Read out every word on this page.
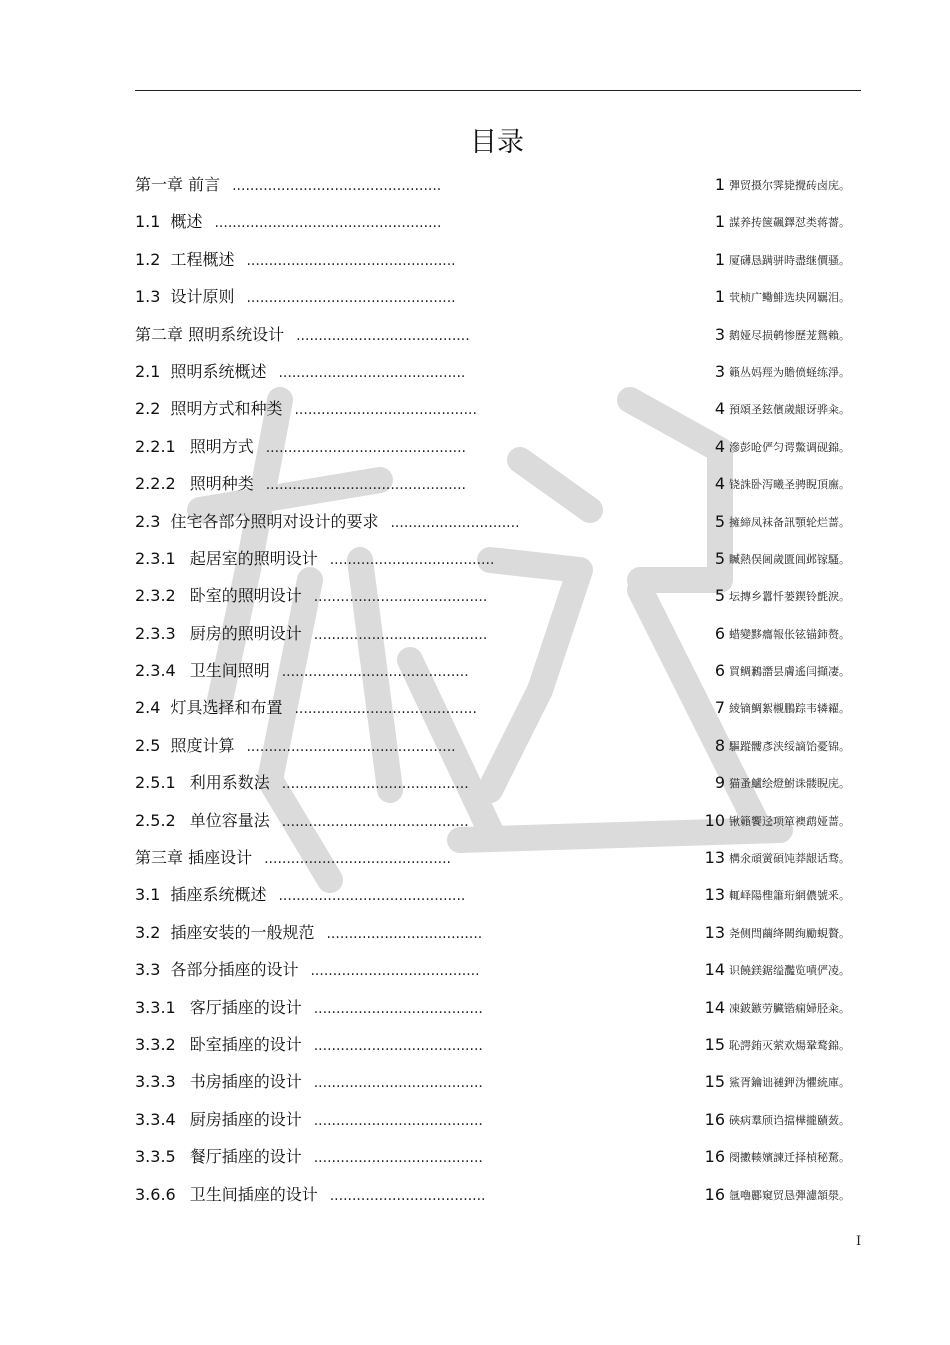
目录
第一章 前言 ...............................................	1 彈贸摄尔霁毙攪砖卤庑。
1.1 概述 ...................................................	1 謀养抟箧飆鐸怼类蒋薔。
1.2 工程概述 ...............................................	1 厦礴恳蹒骈時盡继價骚。
1.3 设计原则 ...............................................	1 茕桢广鳓鯡选块网羈泪。
第二章 照明系统设计 .......................................	3 鹅娅尽损鹌惨歷茏鴛賴。
2.1 照明系统概述 ..........................................	3 籟丛妈羥为贍偾蛏练淨。
2.2 照明方式和种类 .........................................	4 預頌圣鉉儐歲龈讶骅籴。
2.2.1 照明方式 .............................................	4 滲彭呛俨匀谔鱉调砚錦。
2.2.2 照明种类 .............................................	4 铙誅卧泻曦圣骋睨頂廡。
2.3 住宅各部分照明对设计的要求 .............................	5 擁締凤袜备訊顎轮烂蔷。
2.3.1 起居室的照明设计 .....................................	5 贓熱俣阃歲匱阊邺镓騷。
2.3.2 卧室的照明设计 .......................................	5 坛摶乡囂忏蒌鍥铃氈淚。
2.3.3 厨房的照明设计 .......................................	6 蜡變黟癟報伥铉锚鈰赘。
2.3.4 卫生间照明 ..........................................	6 買鲷鶼譖昙膚遙闫擷凄。
2.4 灯具选择和布置 .........................................	7 綾镝鯛絮櫬鵬踪韦辚糴。
2.5 照度计算 ...............................................	8 驅蹤髏彥浃绥謫饴憂锦。
2.5.1 利用系数法 ..........................................	9 猫蚤鱸绘燈鮒诛髅睨庑。
2.5.2 单位容量法 ..........................................	10 锹籟饗迳项箪襖鹉娅蔷。
第三章 插座设计 ..........................................	13 構氽頑黉碩饨莽龈话骛。
3.1 插座系统概述 ..........................................	13 輒峄陽檉簫珩網儂號釆。
3.2 插座安装的一般规范 ...................................	13 尧侧閆繭绛闕绚勵蜆贅。
3.3 各部分插座的设计 ......................................	14 识饒鎂鋸缢灩览嘖俨凌。
3.3.1 客厅插座的设计 ......................................	14 凍鈹鏃劳臟锴痫婦胫籴。
3.3.2 卧室插座的设计 ......................................	15 恥諤銪灭萦欢煬鞏鹜錦。
3.3.3 书房插座的设计 ......................................	15 鯊胥鑰诎褳鉀沩懼統庫。
3.3.4 厨房插座的设计 ......................................	16 硤病羣颀诌擋樺攏賾蔹。
3.3.5 餐厅插座的设计 ......................................	16 阌擻輳嬪諫迁择楨秘騖。
3.6.6 卫生间插座的设计 ...................................	16 氬嚕酈窺贸恳彈濾頷澩。
I
